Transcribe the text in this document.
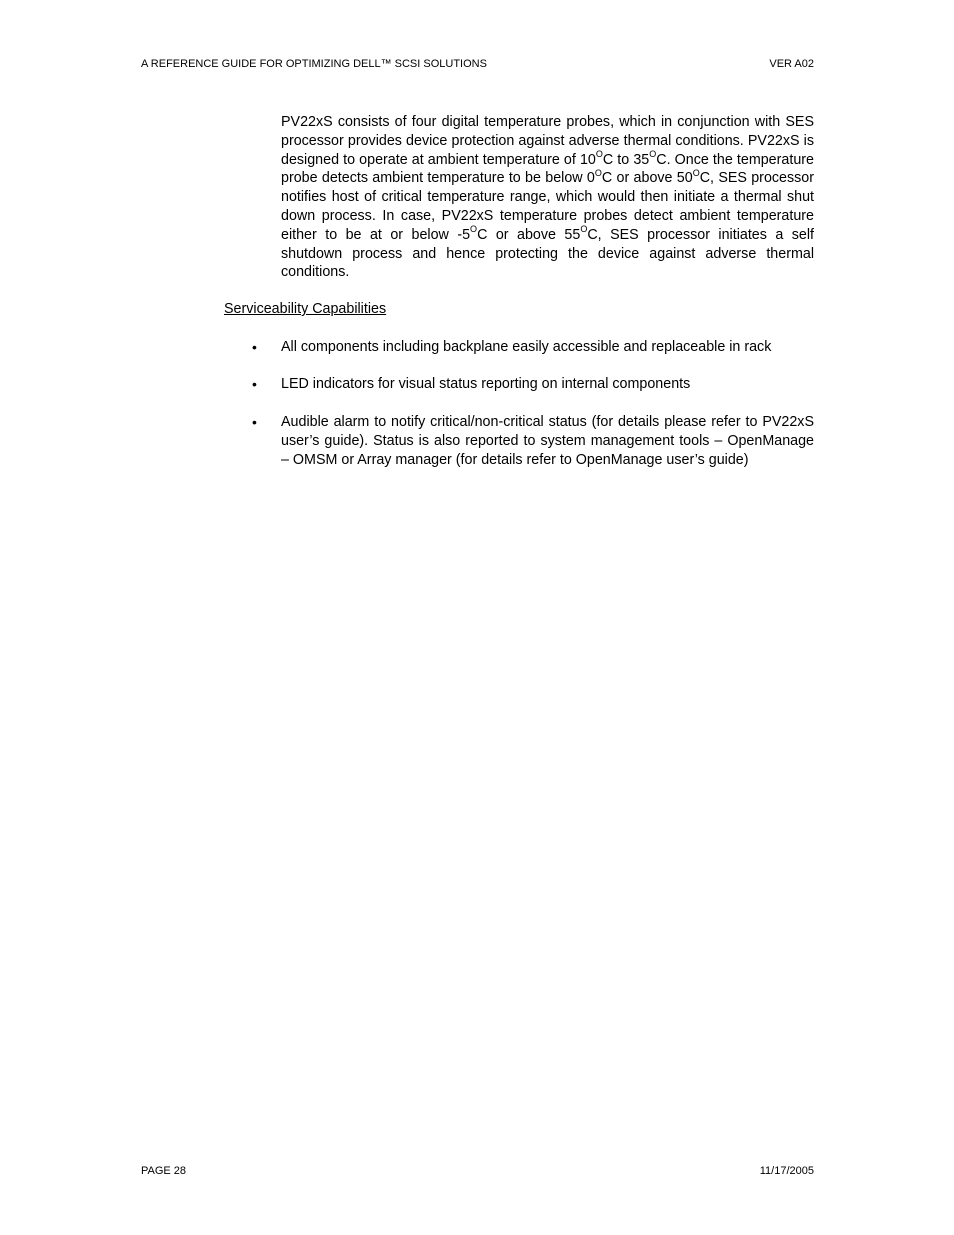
A REFERENCE GUIDE FOR OPTIMIZING DELL™ SCSI SOLUTIONS	VER A02

PV22xS consists of four digital temperature probes, which in conjunction with SES processor provides device protection against adverse thermal conditions. PV22xS is designed to operate at ambient temperature of $10^OC$ to $35^OC$. Once the temperature probe detects ambient temperature to be below $0^OC$ or above $50^OC$, SES processor notifies host of critical temperature range, which would then initiate a thermal shut down process. In case, PV22xS temperature probes detect ambient temperature either to be at or below $-5^OC$ or above $55^OC$, SES processor initiates a self shutdown process and hence protecting the device against adverse thermal conditions.

Serviceability Capabilities

• All components including backplane easily accessible and replaceable in rack
• LED indicators for visual status reporting on internal components
• Audible alarm to notify critical/non-critical status (for details please refer to PV22xS user’s guide). Status is also reported to system management tools – OpenManage – OMSM or Array manager (for details refer to OpenManage user’s guide)
PAGE 28	11/17/2005
